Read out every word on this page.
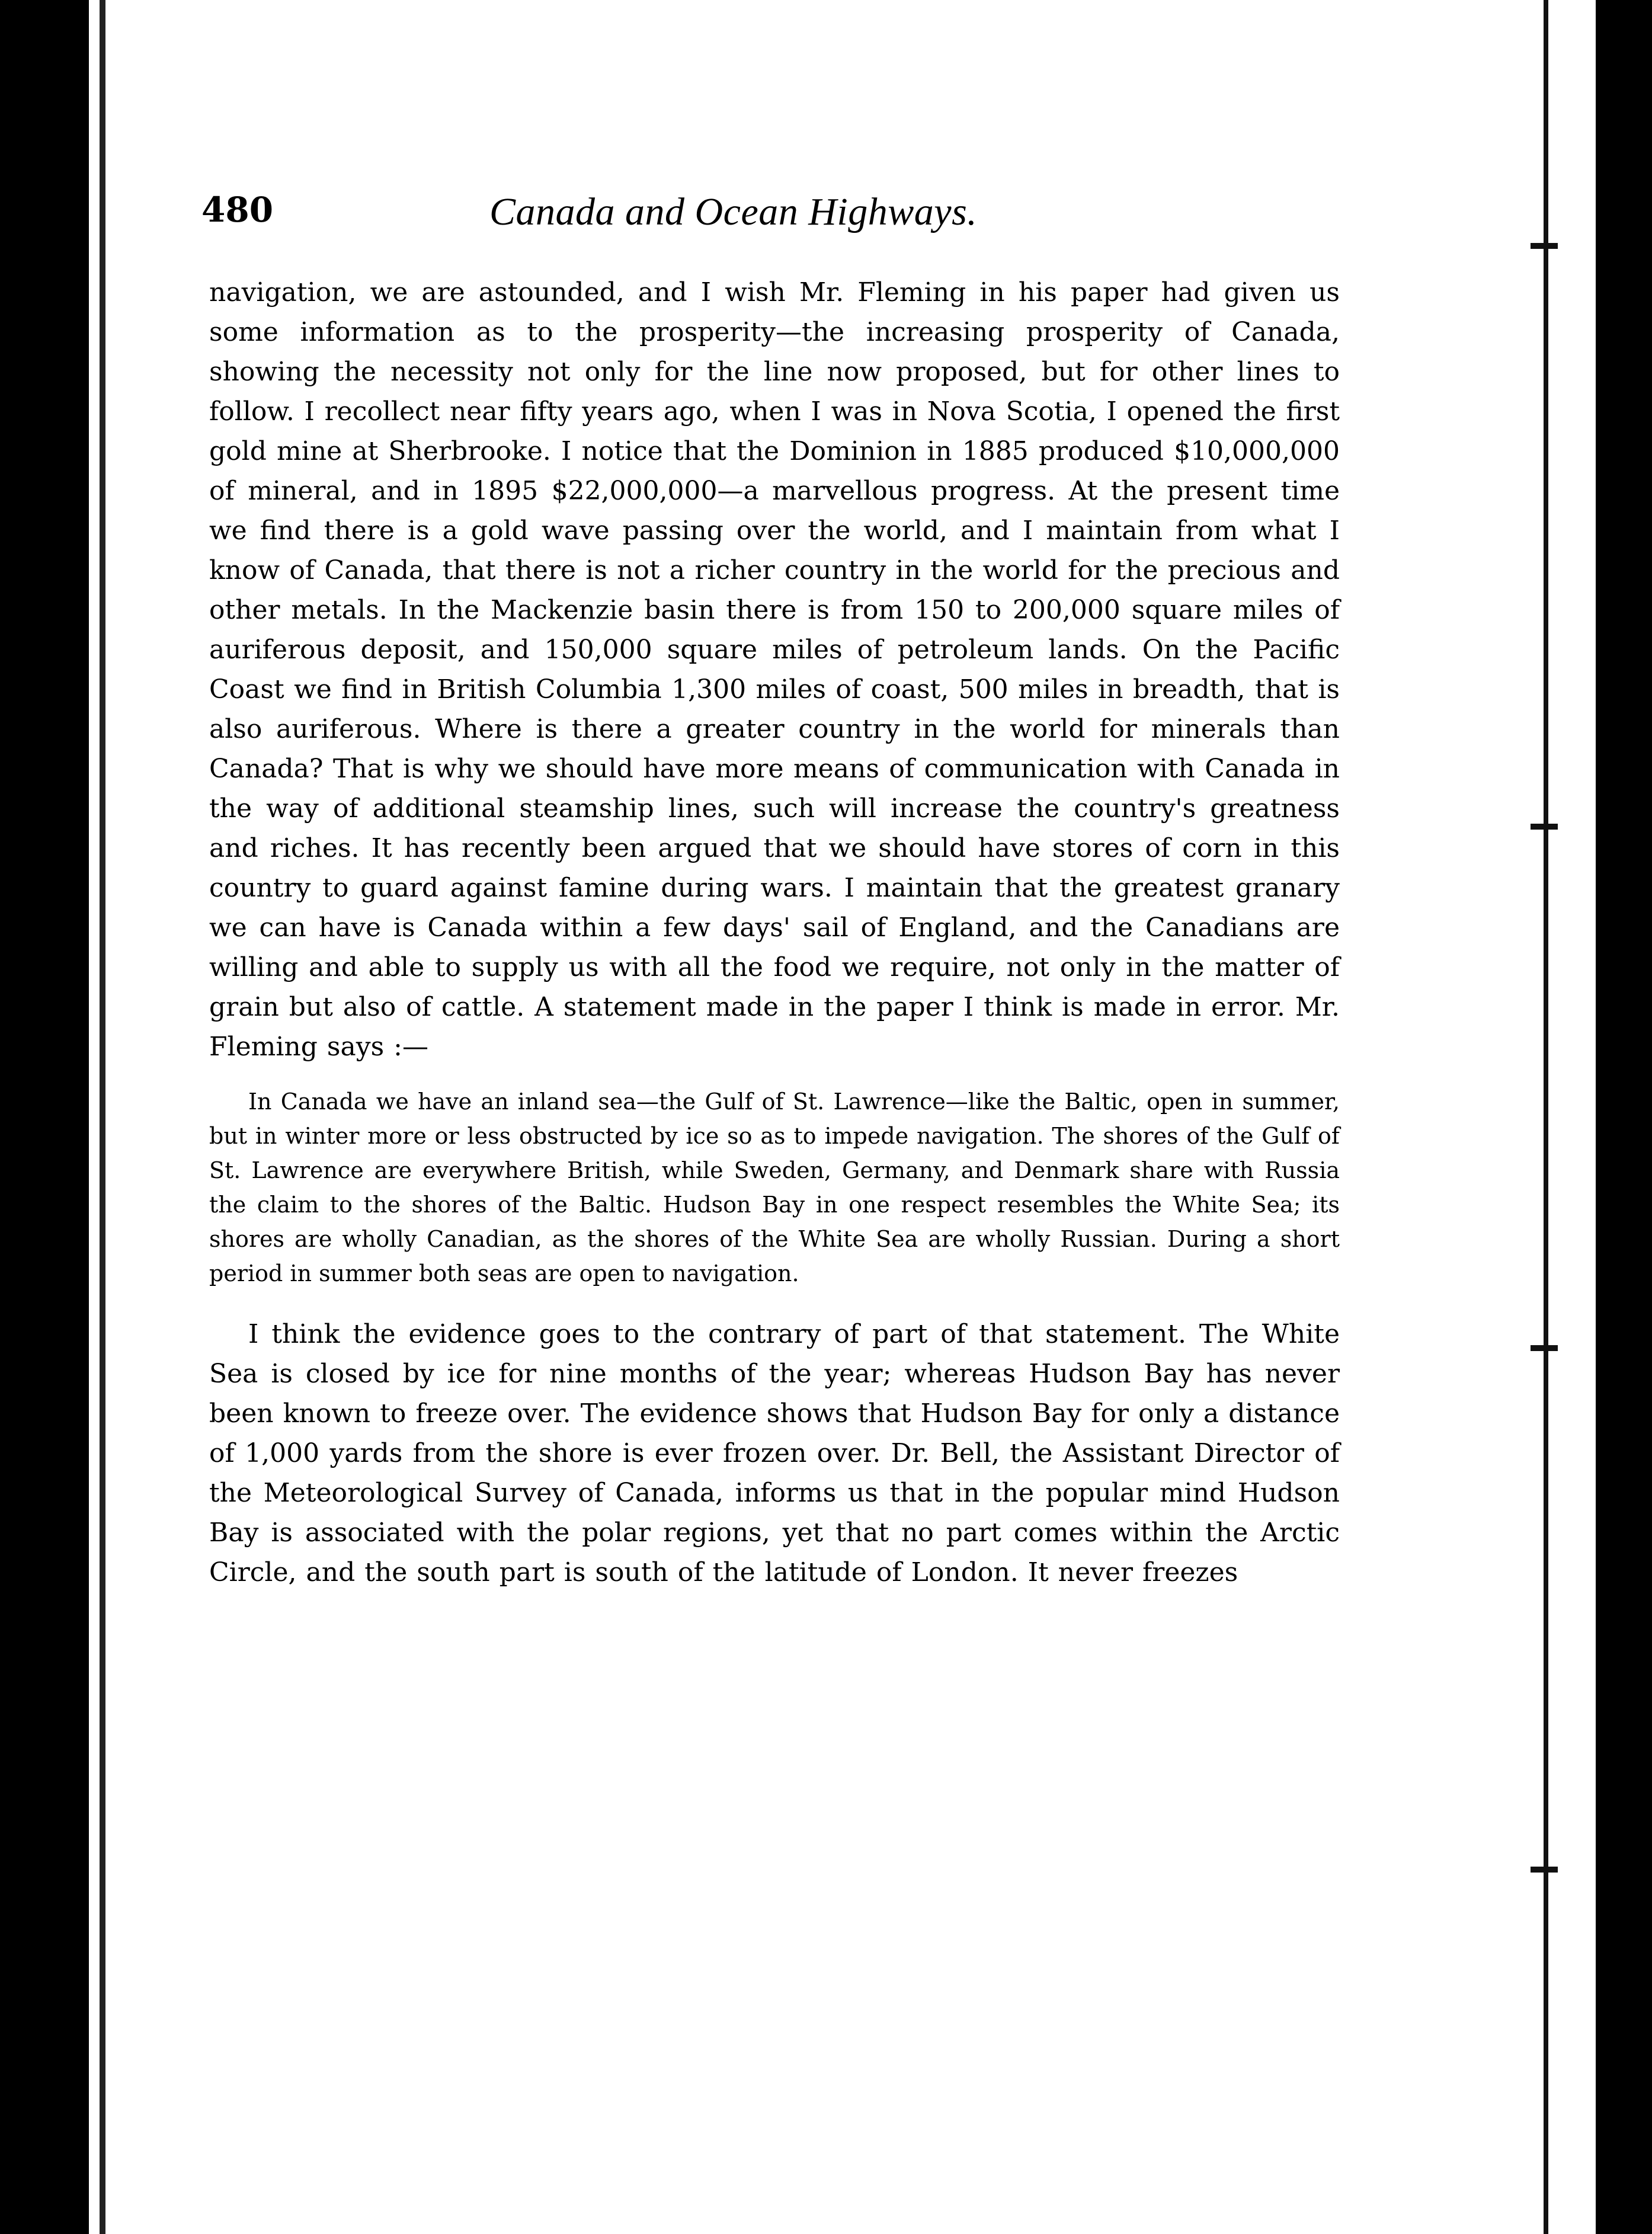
480	Canada and Ocean Highways.

navigation, we are astounded, and I wish Mr. Fleming in his paper had given us some information as to the prosperity—the increasing prosperity of Canada, showing the necessity not only for the line now proposed, but for other lines to follow. I recollect near fifty years ago, when I was in Nova Scotia, I opened the first gold mine at Sherbrooke. I notice that the Dominion in 1885 produced $10,000,000 of mineral, and in 1895 $22,000,000—a marvellous progress. At the present time we find there is a gold wave passing over the world, and I maintain from what I know of Canada, that there is not a richer country in the world for the precious and other metals. In the Mackenzie basin there is from 150 to 200,000 square miles of auriferous deposit, and 150,000 square miles of petroleum lands. On the Pacific Coast we find in British Columbia 1,300 miles of coast, 500 miles in breadth, that is also auriferous. Where is there a greater country in the world for minerals than Canada? That is why we should have more means of communication with Canada in the way of additional steamship lines, such will increase the country's greatness and riches. It has recently been argued that we should have stores of corn in this country to guard against famine during wars. I maintain that the greatest granary we can have is Canada within a few days' sail of England, and the Canadians are willing and able to supply us with all the food we require, not only in the matter of grain but also of cattle. A statement made in the paper I think is made in error. Mr. Fleming says :—

In Canada we have an inland sea—the Gulf of St. Lawrence—like the Baltic, open in summer, but in winter more or less obstructed by ice so as to impede navigation. The shores of the Gulf of St. Lawrence are everywhere British, while Sweden, Germany, and Denmark share with Russia the claim to the shores of the Baltic. Hudson Bay in one respect resembles the White Sea; its shores are wholly Canadian, as the shores of the White Sea are wholly Russian. During a short period in summer both seas are open to navigation.

I think the evidence goes to the contrary of part of that statement. The White Sea is closed by ice for nine months of the year; whereas Hudson Bay has never been known to freeze over. The evidence shows that Hudson Bay for only a distance of 1,000 yards from the shore is ever frozen over. Dr. Bell, the Assistant Director of the Meteorological Survey of Canada, informs us that in the popular mind Hudson Bay is associated with the polar regions, yet that no part comes within the Arctic Circle, and the south part is south of the latitude of London. It never freezes
